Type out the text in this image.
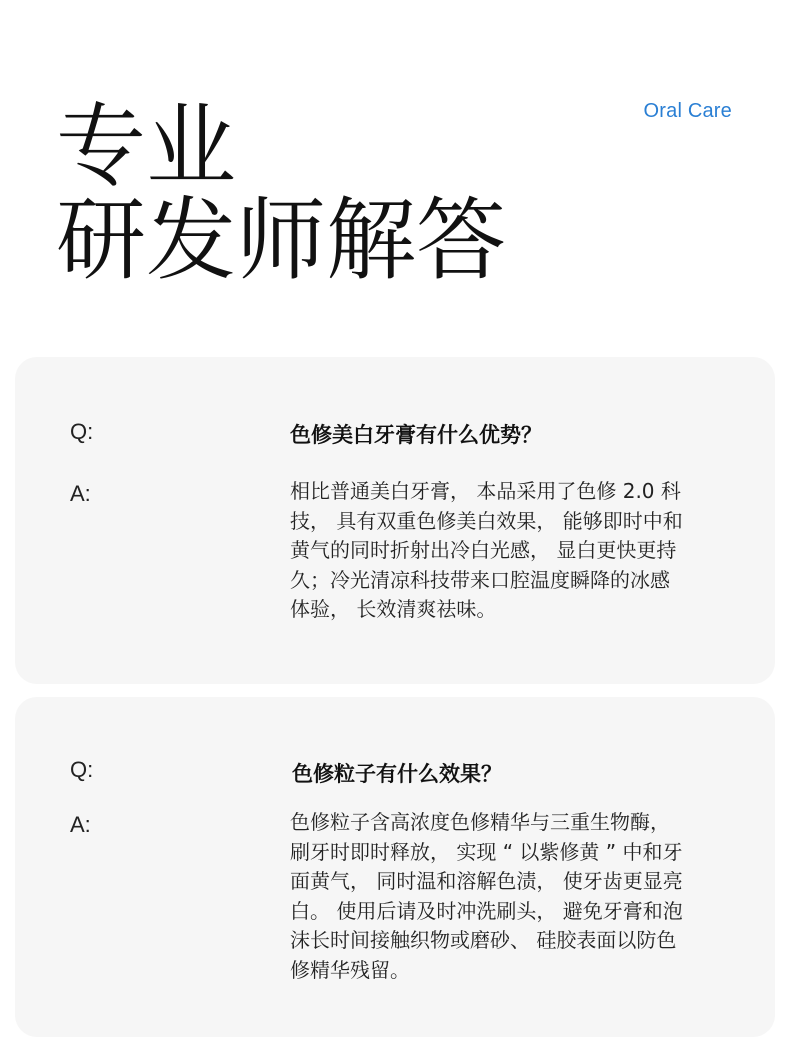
Oral Care
专业
研发师解答
Q:	色修美白牙膏有什么优势？
A:	相比普通美白牙膏， 本品采用了色修 2.0 科
技， 具有双重色修美白效果， 能够即时中和
黄气的同时折射出冷白光感， 显白更快更持
久；冷光清凉科技带来口腔温度瞬降的冰感
体验， 长效清爽祛味。
Q:	色修粒子有什么效果？
A:	色修粒子含高浓度色修精华与三重生物酶，
刷牙时即时释放， 实现 “ 以紫修黄 ” 中和牙
面黄气， 同时温和溶解色渍， 使牙齿更显亮
白。 使用后请及时冲洗刷头， 避免牙膏和泡
沫长时间接触织物或磨砂、 硅胶表面以防色
修精华残留。
